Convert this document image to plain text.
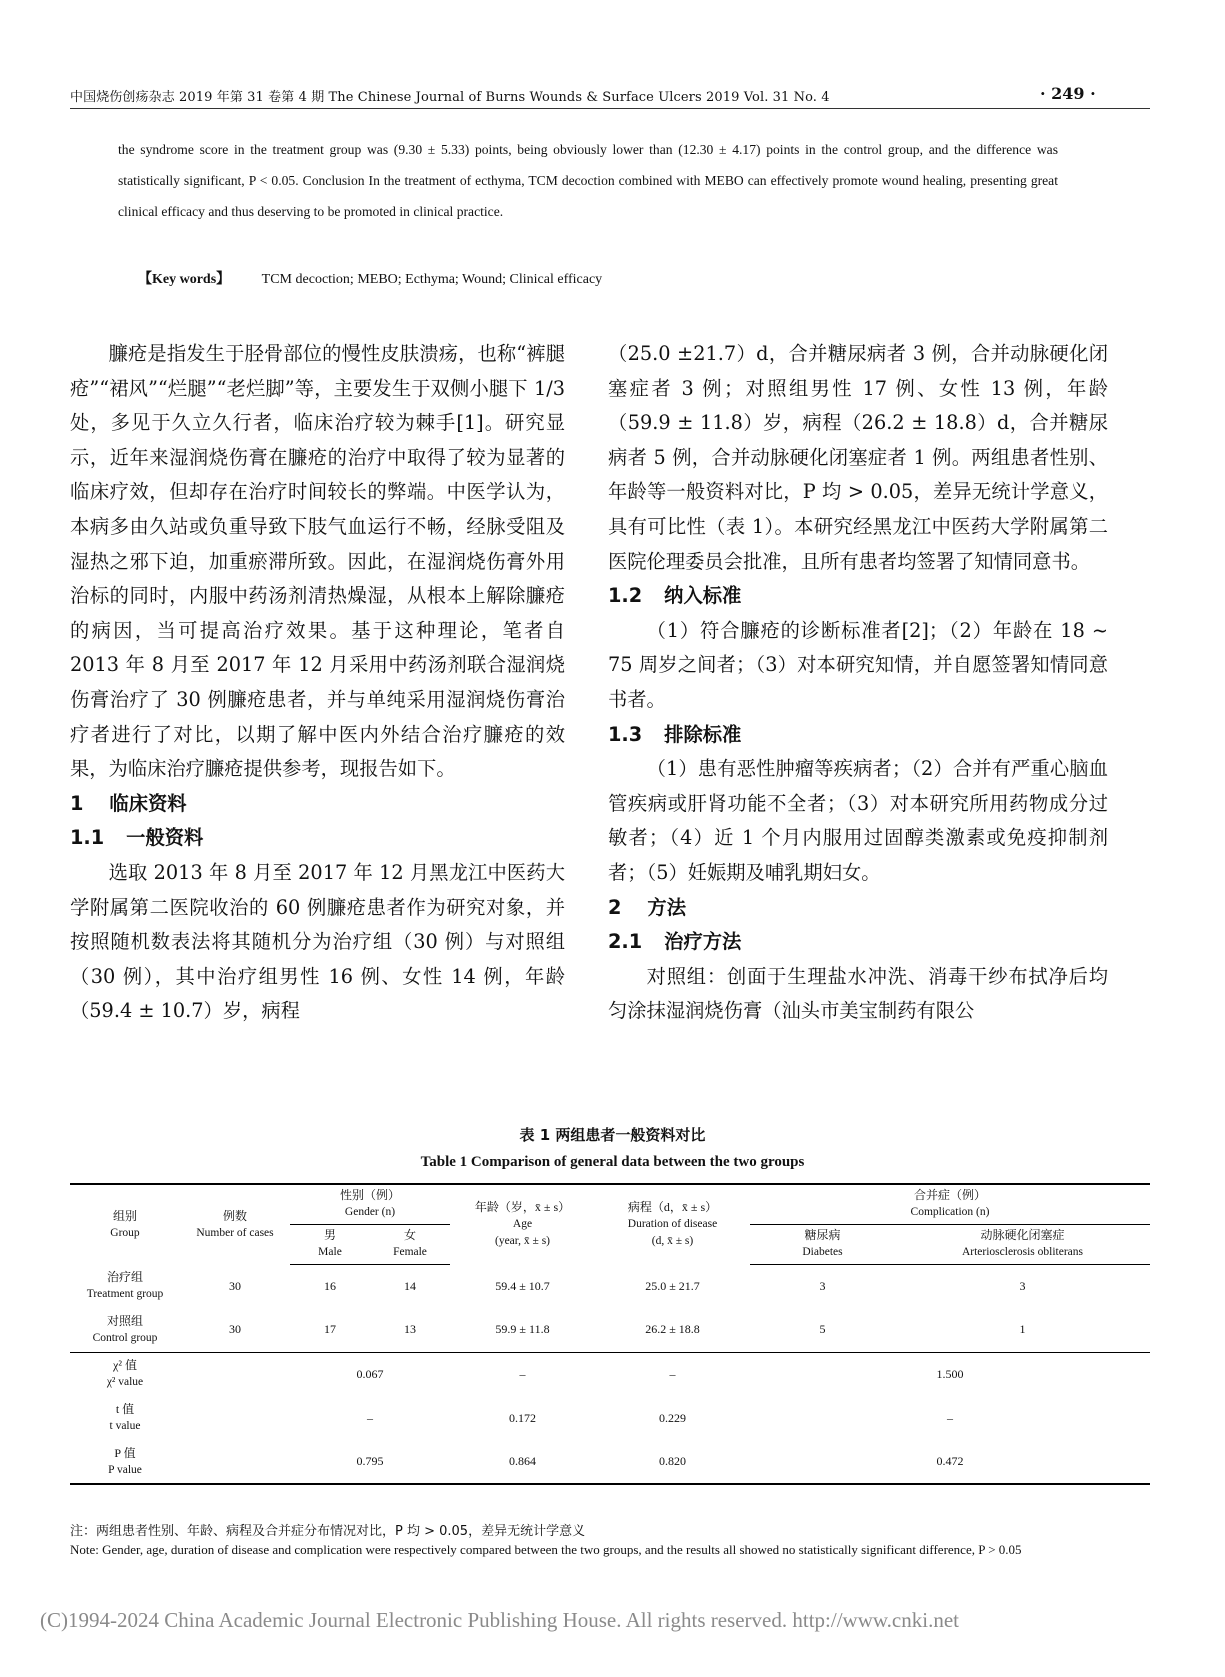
中国烧伤创疡杂志 2019 年第 31 卷第 4 期 The Chinese Journal of Burns Wounds & Surface Ulcers 2019 Vol. 31 No. 4	· 249 ·

the syndrome score in the treatment group was (9.30 ± 5.33) points, being obviously lower than (12.30 ± 4.17) points in the control group, and the difference was statistically significant, P < 0.05. Conclusion In the treatment of ecthyma, TCM decoction combined with MEBO can effectively promote wound healing, presenting great clinical efficacy and thus deserving to be promoted in clinical practice.

【Key words】 TCM decoction; MEBO; Ecthyma; Wound; Clinical efficacy

臁疮是指发生于胫骨部位的慢性皮肤溃疡，也称“裤腿疮”“裙风”“烂腿”“老烂脚”等，主要发生于双侧小腿下 1/3 处，多见于久立久行者，临床治疗较为棘手[1]。研究显示，近年来湿润烧伤膏在臁疮的治疗中取得了较为显著的临床疗效，但却存在治疗时间较长的弊端。中医学认为，本病多由久站或负重导致下肢气血运行不畅，经脉受阻及湿热之邪下迫，加重瘀滞所致。因此，在湿润烧伤膏外用治标的同时，内服中药汤剂清热燥湿，从根本上解除臁疮的病因，当可提高治疗效果。基于这种理论，笔者自 2013 年 8 月至 2017 年 12 月采用中药汤剂联合湿润烧伤膏治疗了 30 例臁疮患者，并与单纯采用湿润烧伤膏治疗者进行了对比，以期了解中医内外结合治疗臁疮的效果，为临床治疗臁疮提供参考，现报告如下。

1 临床资料
1.1 一般资料

选取 2013 年 8 月至 2017 年 12 月黑龙江中医药大学附属第二医院收治的 60 例臁疮患者作为研究对象，并按照随机数表法将其随机分为治疗组（30 例）与对照组（30 例），其中治疗组男性 16 例、女性 14 例，年龄（59.4 ± 10.7）岁，病程

（25.0 ±21.7）d，合并糖尿病者 3 例，合并动脉硬化闭塞症者 3 例；对照组男性 17 例、女性 13 例，年龄（59.9 ± 11.8）岁，病程（26.2 ± 18.8）d，合并糖尿病者 5 例，合并动脉硬化闭塞症者 1 例。两组患者性别、年龄等一般资料对比，P 均 > 0.05，差异无统计学意义，具有可比性（表 1）。本研究经黑龙江中医药大学附属第二医院伦理委员会批准，且所有患者均签署了知情同意书。

1.2 纳入标准

（1）符合臁疮的诊断标准者[2]；（2）年龄在 18 ~ 75 周岁之间者；（3）对本研究知情，并自愿签署知情同意书者。

1.3 排除标准

（1）患有恶性肿瘤等疾病者；（2）合并有严重心脑血管疾病或肝肾功能不全者；（3）对本研究所用药物成分过敏者；（4）近 1 个月内服用过固醇类激素或免疫抑制剂者；（5）妊娠期及哺乳期妇女。

2 方法
2.1 治疗方法

对照组：创面于生理盐水冲洗、消毒干纱布拭净后均匀涂抹湿润烧伤膏（汕头市美宝制药有限公

表 1 两组患者一般资料对比
Table 1 Comparison of general data between the two groups
组别
Group	例数
Number of cases	性别（例）
Gender (n)		年龄（岁，x̄ ± s）
Age
(year, x̄ ± s)	病程（d，x̄ ± s）
Duration of disease
(d, x̄ ± s)	合并症（例）
Complication (n)	

		男
Male	女
Female			糖尿病
Diabetes	动脉硬化闭塞症
Arteriosclerosis obliterans

治疗组
Treatment group	30	16	14	59.4 ± 10.7	25.0 ± 21.7	3	3

对照组
Control group	30	17	13	59.9 ± 11.8	26.2 ± 18.8	5	1

χ² 值
χ² value		0.067		–	–	1.500	

t 值
t value		–		0.172	0.229	–	

P 值
P value		0.795		0.864	0.820	0.472	
注：两组患者性别、年龄、病程及合并症分布情况对比，P 均 > 0.05，差异无统计学意义

Note: Gender, age, duration of disease and complication were respectively compared between the two groups, and the results all showed no statistically significant difference, P > 0.05

(C)1994-2024 China Academic Journal Electronic Publishing House. All rights reserved. http://www.cnki.net
